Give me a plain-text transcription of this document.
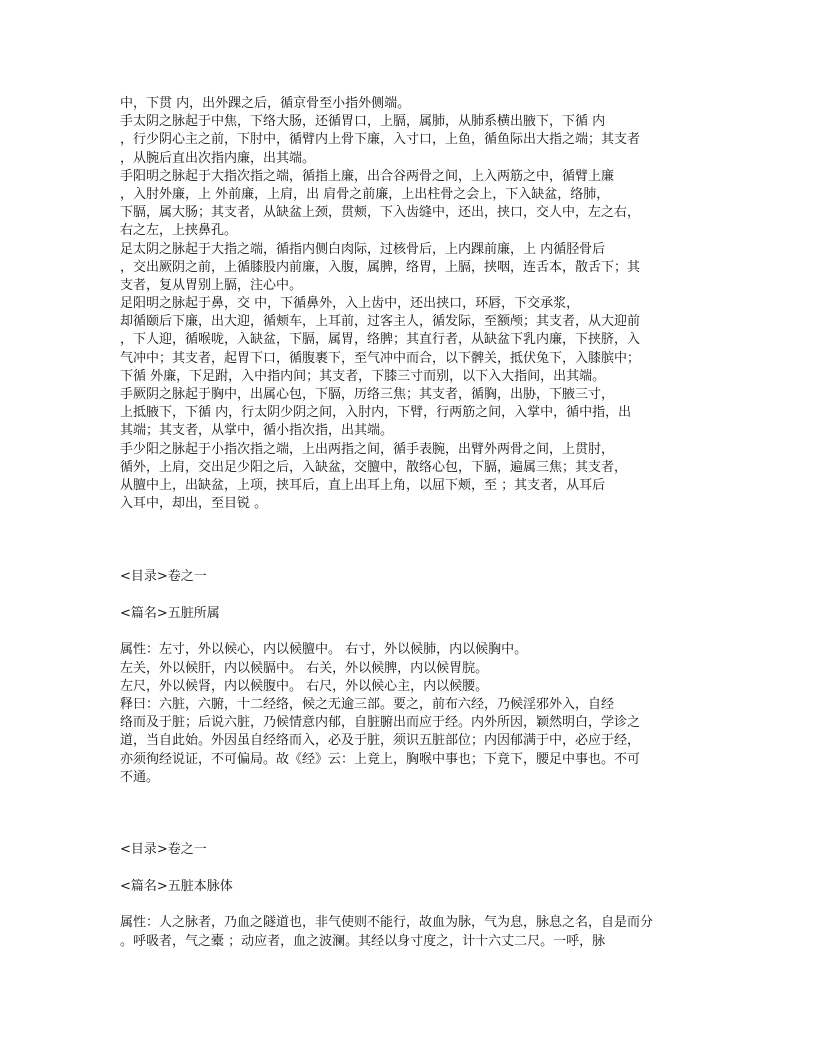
中，下贯 内，出外踝之后，循京骨至小指外侧端。
手太阴之脉起于中焦，下络大肠，还循胃口，上膈，属肺，从肺系横出腋下，下循 内
，行少阴心主之前，下肘中，循臂内上骨下廉，入寸口，上鱼，循鱼际出大指之端；其支者
，从腕后直出次指内廉，出其端。
手阳明之脉起于大指次指之端，循指上廉，出合谷两骨之间，上入两筋之中，循臂上廉
，入肘外廉，上 外前廉，上肩，出 肩骨之前廉，上出柱骨之会上，下入缺盆，络肺，
下膈，属大肠；其支者，从缺盆上颈，贯颊，下入齿缝中，还出，挟口，交人中，左之右，
右之左，上挟鼻孔。
足太阴之脉起于大指之端，循指内侧白肉际，过核骨后，上内踝前廉，上 内循胫骨后
，交出厥阴之前，上循膝股内前廉，入腹，属脾，络胃，上膈，挟咽，连舌本，散舌下；其
支者，复从胃别上膈，注心中。
足阳明之脉起于鼻，交 中，下循鼻外，入上齿中，还出挟口，环唇，下交承浆，
却循颐后下廉，出大迎，循颊车，上耳前，过客主人，循发际，至额颅；其支者，从大迎前
，下人迎，循喉咙，入缺盆，下膈，属胃，络脾；其直行者，从缺盆下乳内廉，下挟脐，入
气冲中；其支者，起胃下口，循腹裹下，至气冲中而合，以下髀关，抵伏兔下，入膝膑中；
下循 外廉，下足跗，入中指内间；其支者，下膝三寸而别，以下入大指间，出其端。
手厥阴之脉起于胸中，出属心包，下膈，历络三焦；其支者，循胸，出胁，下腋三寸，
上抵腋下，下循 内，行太阴少阴之间，入肘内，下臂，行两筋之间，入掌中，循中指，出
其端；其支者，从掌中，循小指次指，出其端。
手少阳之脉起于小指次指之端，上出两指之间，循手表腕，出臂外两骨之间，上贯肘，
循外，上肩，交出足少阳之后，入缺盆，交膻中，散络心包，下膈，遍属三焦；其支者，
从膻中上，出缺盆，上项，挟耳后，直上出耳上角，以屈下颊，至 ；其支者，从耳后
入耳中，却出，至目锐 。
<目录>卷之一
<篇名>五脏所属
属性：左寸，外以候心，内以候膻中。 右寸，外以候肺，内以候胸中。
左关，外以候肝，内以候膈中。 右关，外以候脾，内以候胃脘。
左尺，外以候肾，内以候腹中。 右尺，外以候心主，内以候腰。
释曰：六脏，六腑，十二经络，候之无逾三部。要之，前布六经，乃候淫邪外入，自经
络而及于脏；后说六脏，乃候情意内郁，自脏腑出而应于经。内外所因，颖然明白，学诊之
道，当自此始。外因虽自经络而入，必及于脏，须识五脏部位；内因郁满于中，必应于经，
亦须徇经说证，不可偏局。故《经》云：上竟上，胸喉中事也；下竟下，腰足中事也。不可
不通。
<目录>卷之一
<篇名>五脏本脉体
属性：人之脉者，乃血之隧道也，非气使则不能行，故血为脉，气为息，脉息之名，自是而分
。呼吸者，气之橐 ；动应者，血之波澜。其经以身寸度之，计十六丈二尺。一呼，脉
